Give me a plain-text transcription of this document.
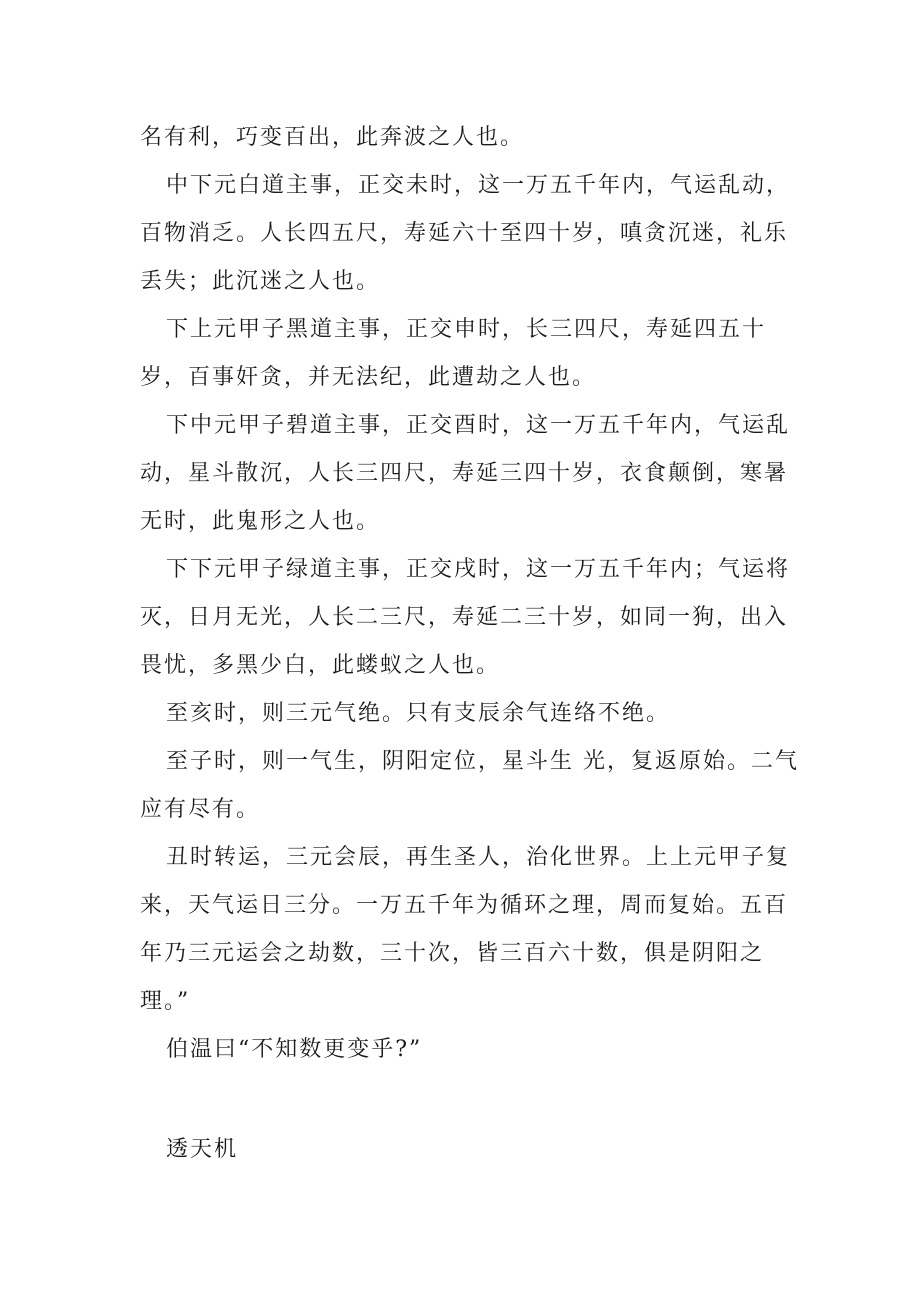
名有利，巧变百出，此奔波之人也。

中下元白道主事，正交未时，这一万五千年内，气运乱动，百物消乏。人长四五尺，寿延六十至四十岁，嗔贪沉迷，礼乐丢失；此沉迷之人也。

下上元甲子黑道主事，正交申时，长三四尺，寿延四五十岁，百事奸贪，并无法纪，此遭劫之人也。

下中元甲子碧道主事，正交酉时，这一万五千年内，气运乱动，星斗散沉，人长三四尺，寿延三四十岁，衣食颠倒，寒暑无时，此鬼形之人也。

下下元甲子绿道主事，正交戌时，这一万五千年内；气运将灭，日月无光，人长二三尺，寿延二三十岁，如同一狗，出入畏忧，多黑少白，此蝼蚁之人也。

至亥时，则三元气绝。只有支辰余气连络不绝。

至子时，则一气生，阴阳定位，星斗生 光，复返原始。二气应有尽有。

丑时转运，三元会辰，再生圣人，治化世界。上上元甲子复来，天气运日三分。一万五千年为循环之理，周而复始。五百年乃三元运会之劫数，三十次，皆三百六十数，俱是阴阳之理。”

伯温曰“不知数更变乎?”

透天机
